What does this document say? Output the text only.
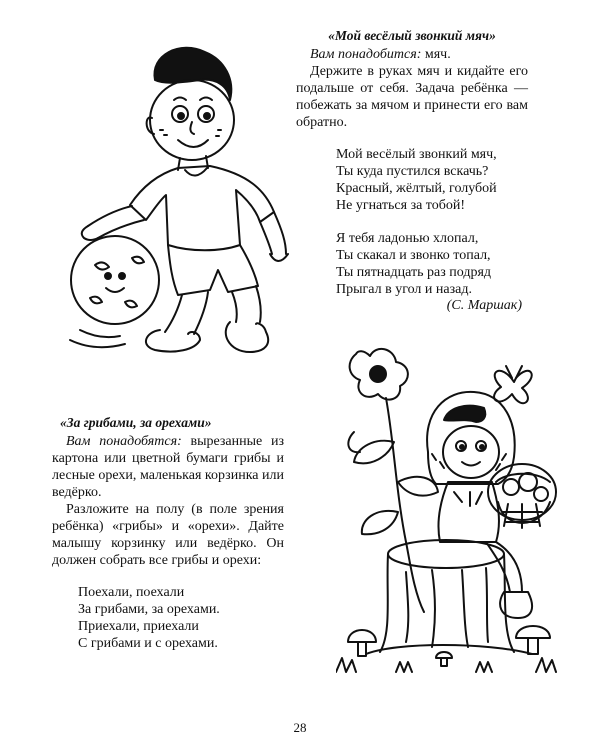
«Мой весёлый звонкий мяч»

Вам понадобится: мяч.

Держите в руках мяч и кидайте его подальше от себя. Задача ребёнка — побежать за мячом и принести его вам обратно.

Мой весёлый звонкий мяч,
Ты куда пустился вскачь?
Красный, жёлтый, голубой
Не угнаться за тобой!
Я тебя ладонью хлопал,
Ты скакал и звонко топал,
Ты пятнадцать раз подряд
Прыгал в угол и назад.
(С. Маршак)
«За грибами, за орехами»

Вам понадобятся: вырезанные из картона или цветной бумаги грибы и лесные орехи, маленькая корзинка или ведёрко.

Разложите на полу (в поле зрения ребёнка) «грибы» и «орехи». Дайте малышу корзинку или ведёрко. Он должен собрать все грибы и орехи:

Поехали, поехали
За грибами, за орехами.
Приехали, приехали
С грибами и с орехами.
28
